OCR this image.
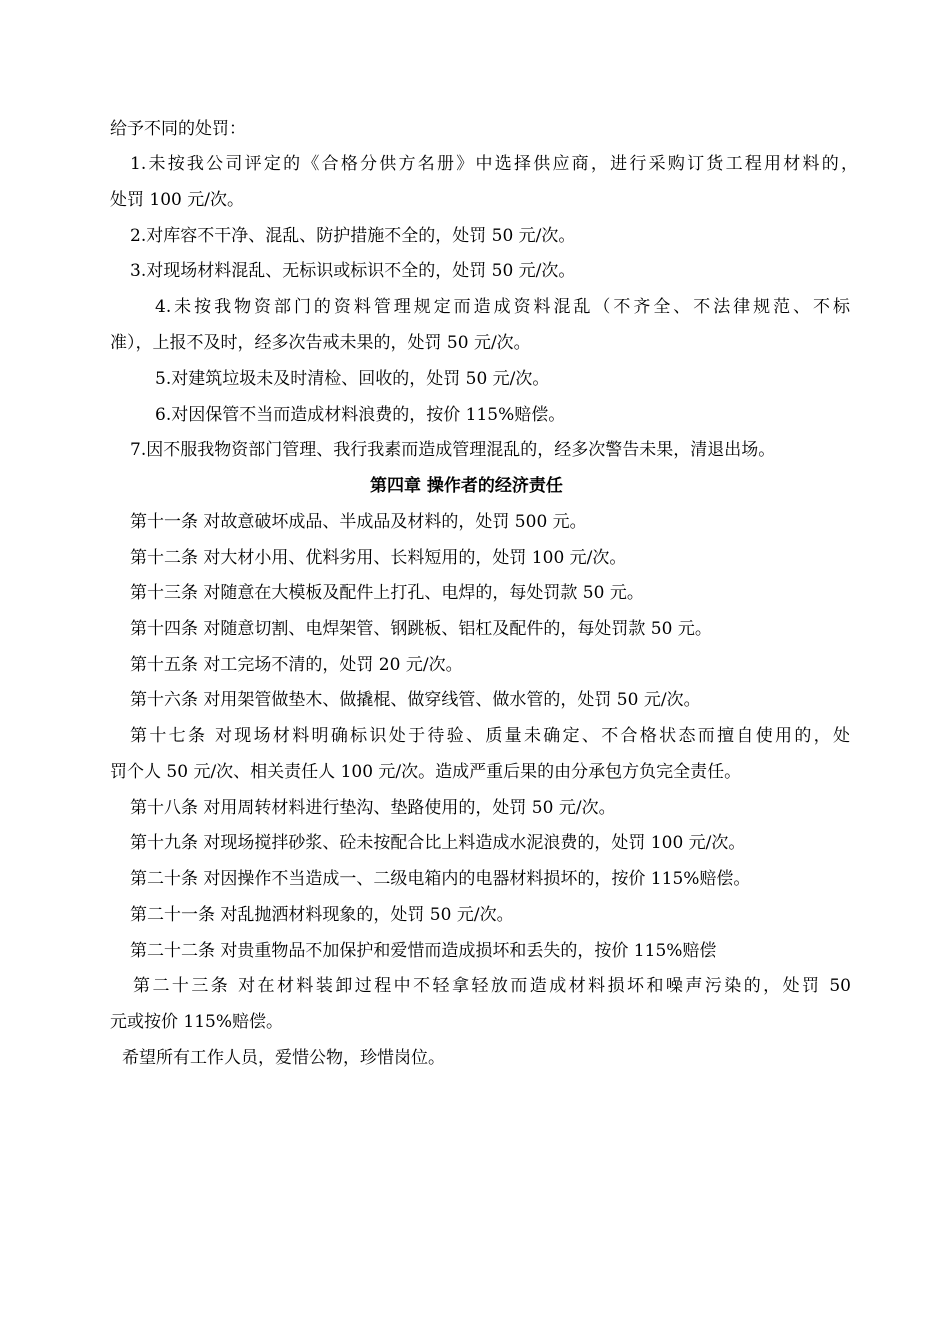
给予不同的处罚：
1.未按我公司评定的《合格分供方名册》中选择供应商，进行采购订货工程用材料的，
处罚 100 元/次。
2.对库容不干净、混乱、防护措施不全的，处罚 50 元/次。
3.对现场材料混乱、无标识或标识不全的，处罚 50 元/次。
4.未按我物资部门的资料管理规定而造成资料混乱（不齐全、不法律规范、不标
准），上报不及时，经多次告戒未果的，处罚 50 元/次。
5.对建筑垃圾未及时清检、回收的，处罚 50 元/次。
6.对因保管不当而造成材料浪费的，按价 115%赔偿。
7.因不服我物资部门管理、我行我素而造成管理混乱的，经多次警告未果，清退出场。
第四章 操作者的经济责任
第十一条 对故意破坏成品、半成品及材料的，处罚 500 元。
第十二条 对大材小用、优料劣用、长料短用的，处罚 100 元/次。
第十三条 对随意在大模板及配件上打孔、电焊的，每处罚款 50 元。
第十四条 对随意切割、电焊架管、钢跳板、铝杠及配件的，每处罚款 50 元。
第十五条 对工完场不清的，处罚 20 元/次。
第十六条 对用架管做垫木、做撬棍、做穿线管、做水管的，处罚 50 元/次。
第十七条 对现场材料明确标识处于待验、质量未确定、不合格状态而擅自使用的，处
罚个人 50 元/次、相关责任人 100 元/次。造成严重后果的由分承包方负完全责任。
第十八条 对用周转材料进行垫沟、垫路使用的，处罚 50 元/次。
第十九条 对现场搅拌砂浆、砼未按配合比上料造成水泥浪费的，处罚 100 元/次。
第二十条 对因操作不当造成一、二级电箱内的电器材料损坏的，按价 115%赔偿。
第二十一条 对乱抛洒材料现象的，处罚 50 元/次。
第二十二条 对贵重物品不加保护和爱惜而造成损坏和丢失的，按价 115%赔偿
第二十三条 对在材料装卸过程中不轻拿轻放而造成材料损坏和噪声污染的，处罚 50
元或按价 115%赔偿。
希望所有工作人员，爱惜公物，珍惜岗位。
